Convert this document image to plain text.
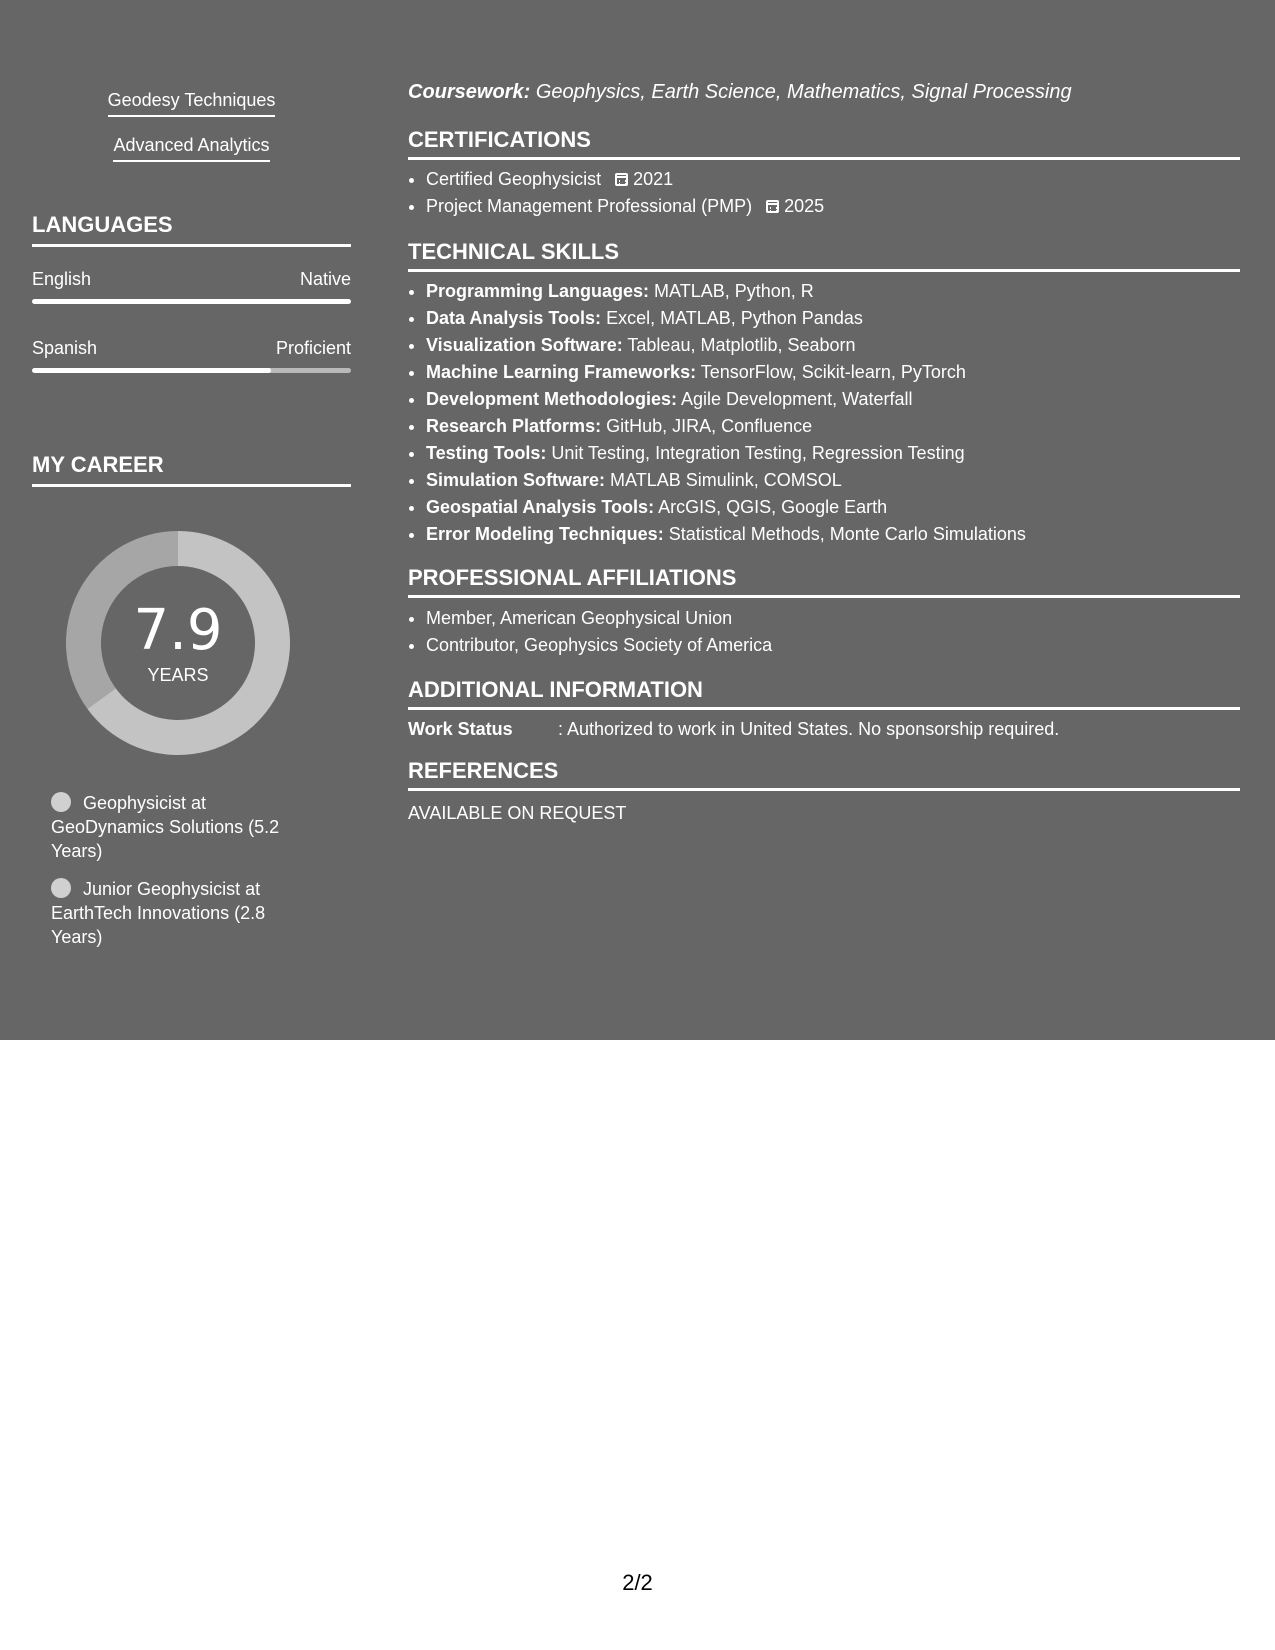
Geodesy Techniques
Advanced Analytics
LANGUAGES
English	Native
Spanish	Proficient
MY CAREER
7.9
YEARS
Geophysicist at GeoDynamics Solutions (5.2 Years)
Junior Geophysicist at EarthTech Innovations (2.8 Years)
Coursework: Geophysics, Earth Science, Mathematics, Signal Processing
CERTIFICATIONS
• Certified Geophysicist 2021
• Project Management Professional (PMP) 2025
TECHNICAL SKILLS
• Programming Languages: MATLAB, Python, R
• Data Analysis Tools: Excel, MATLAB, Python Pandas
• Visualization Software: Tableau, Matplotlib, Seaborn
• Machine Learning Frameworks: TensorFlow, Scikit-learn, PyTorch
• Development Methodologies: Agile Development, Waterfall
• Research Platforms: GitHub, JIRA, Confluence
• Testing Tools: Unit Testing, Integration Testing, Regression Testing
• Simulation Software: MATLAB Simulink, COMSOL
• Geospatial Analysis Tools: ArcGIS, QGIS, Google Earth
• Error Modeling Techniques: Statistical Methods, Monte Carlo Simulations
PROFESSIONAL AFFILIATIONS
• Member, American Geophysical Union
• Contributor, Geophysics Society of America
ADDITIONAL INFORMATION
Work Status	: Authorized to work in United States. No sponsorship required.
REFERENCES
AVAILABLE ON REQUEST
2/2
